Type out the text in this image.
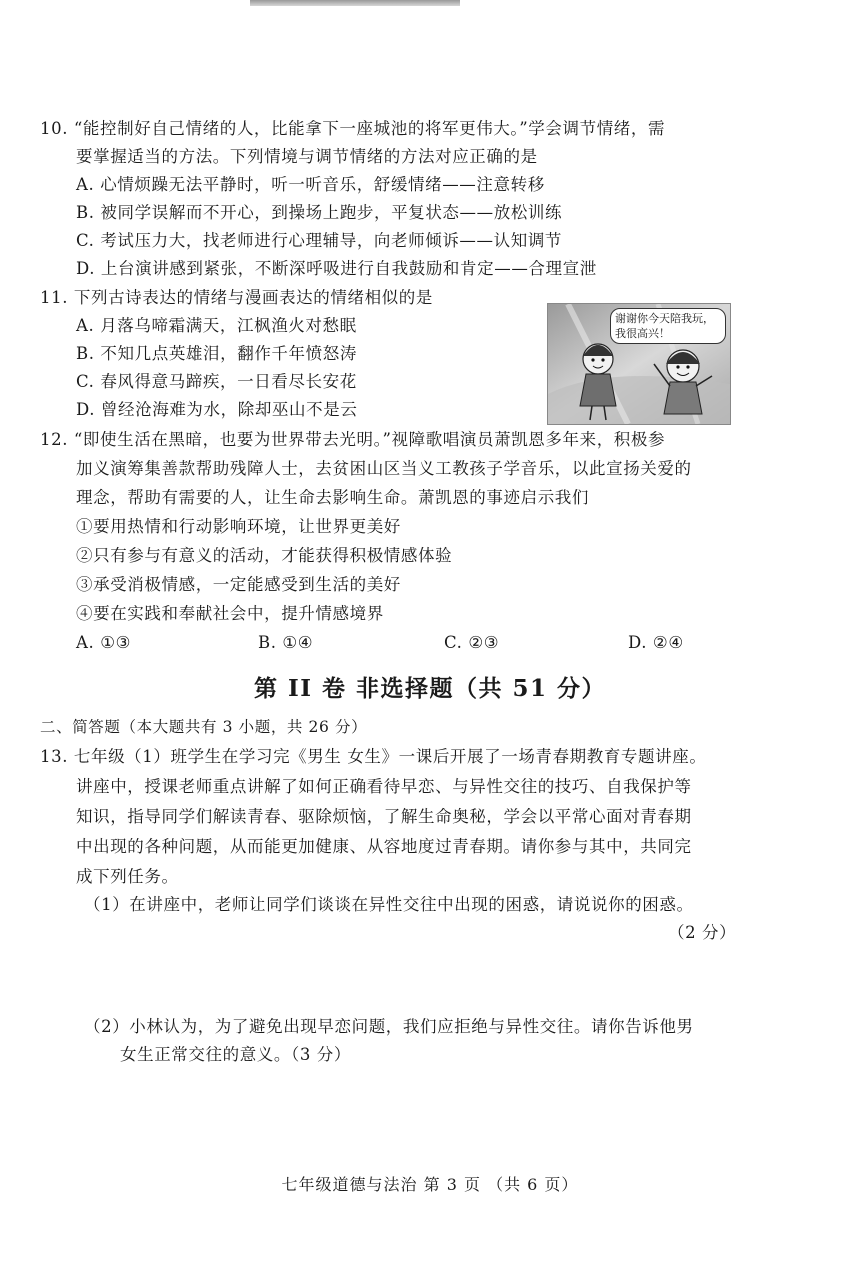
10. “能控制好自己情绪的人，比能拿下一座城池的将军更伟大。”学会调节情绪，需
要掌握适当的方法。下列情境与调节情绪的方法对应正确的是
A. 心情烦躁无法平静时，听一听音乐，舒缓情绪——注意转移
B. 被同学误解而不开心，到操场上跑步，平复状态——放松训练
C. 考试压力大，找老师进行心理辅导，向老师倾诉——认知调节
D. 上台演讲感到紧张，不断深呼吸进行自我鼓励和肯定——合理宣泄
11. 下列古诗表达的情绪与漫画表达的情绪相似的是
A. 月落乌啼霜满天，江枫渔火对愁眠
B. 不知几点英雄泪，翻作千年愤怒涛
C. 春风得意马蹄疾，一日看尽长安花
D. 曾经沧海难为水，除却巫山不是云
谢谢你今天陪我玩，我很高兴！
12. “即使生活在黑暗，也要为世界带去光明。”视障歌唱演员萧凯恩多年来，积极参
加义演筹集善款帮助残障人士，去贫困山区当义工教孩子学音乐，以此宣扬关爱的
理念，帮助有需要的人，让生命去影响生命。萧凯恩的事迹启示我们
①要用热情和行动影响环境，让世界更美好
②只有参与有意义的活动，才能获得积极情感体验
③承受消极情感，一定能感受到生活的美好
④要在实践和奉献社会中，提升情感境界
A. ①③	B. ①④	C. ②③	D. ②④
第 II 卷 非选择题（共 51 分）
二、简答题（本大题共有 3 小题，共 26 分）
13. 七年级（1）班学生在学习完《男生 女生》一课后开展了一场青春期教育专题讲座。
讲座中，授课老师重点讲解了如何正确看待早恋、与异性交往的技巧、自我保护等
知识，指导同学们解读青春、驱除烦恼，了解生命奥秘，学会以平常心面对青春期
中出现的各种问题，从而能更加健康、从容地度过青春期。请你参与其中，共同完
成下列任务。
（1）在讲座中，老师让同学们谈谈在异性交往中出现的困惑，请说说你的困惑。
（2 分）
（2）小林认为，为了避免出现早恋问题，我们应拒绝与异性交往。请你告诉他男
女生正常交往的意义。（3 分）
七年级道德与法治 第 3 页 （共 6 页）
